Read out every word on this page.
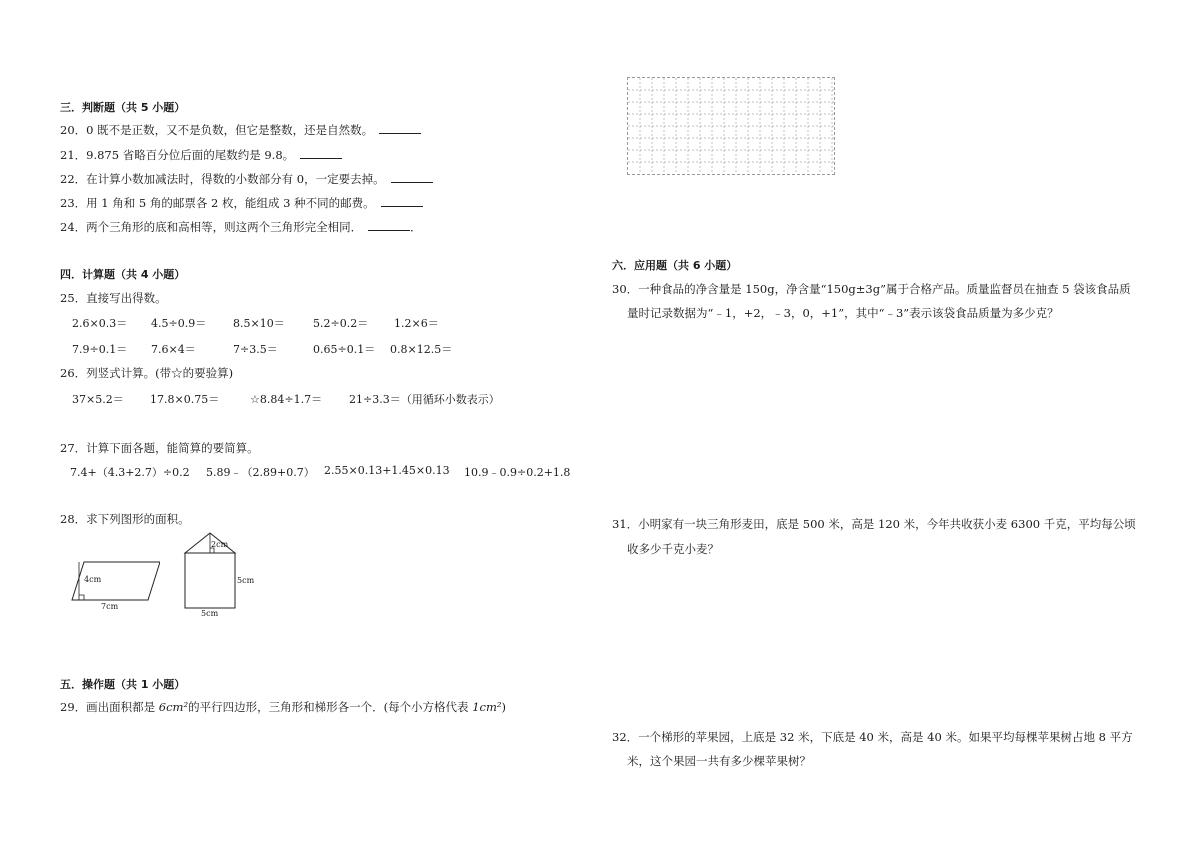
三．判断题（共 5 小题）
20．0 既不是正数，又不是负数，但它是整数，还是自然数。
21．9.875 省略百分位后面的尾数约是 9.8。
22．在计算小数加减法时，得数的小数部分有 0，一定要去掉。
23．用 1 角和 5 角的邮票各 2 枚，能组成 3 种不同的邮费。
24．两个三角形的底和高相等，则这两个三角形完全相同．	．
四．计算题（共 4 小题）
25．直接写出得数。
2.6×0.3＝ 4.5÷0.9＝ 8.5×10＝	5.2÷0.2＝ 1.2×6＝
7.9÷0.1＝ 7.6×4＝	7÷3.5＝	0.65÷0.1＝ 0.8×12.5＝
26．列竖式计算。(带☆的要验算)
37×5.2＝ 17.8×0.75＝	☆8.84÷1.7＝ 21÷3.3＝（用循环小数表示）
27．计算下面各题，能简算的要简算。
7.4+（4.3+2.7）÷0.2 5.89﹣（2.89+0.7） 2.55×0.13+1.45×0.13 10.9﹣0.9÷0.2+1.8
28．求下列图形的面积。
4cm
7cm
2cm
5cm
5cm
五．操作题（共 1 小题）
29．画出面积都是 6cm²的平行四边形，三角形和梯形各一个．(每个小方格代表 1cm²)
六．应用题（共 6 小题）
30．一种食品的净含量是 150g，净含量“150g±3g”属于合格产品。质量监督员在抽查 5 袋该食品质
量时记录数据为“﹣1，+2，﹣3，0，+1”，其中“﹣3”表示该袋食品质量为多少克？
31．小明家有一块三角形麦田，底是 500 米，高是 120 米，今年共收获小麦 6300 千克，平均每公顷
收多少千克小麦？
32．一个梯形的苹果园，上底是 32 米，下底是 40 米，高是 40 米。如果平均每棵苹果树占地 8 平方
米，这个果园一共有多少棵苹果树？
